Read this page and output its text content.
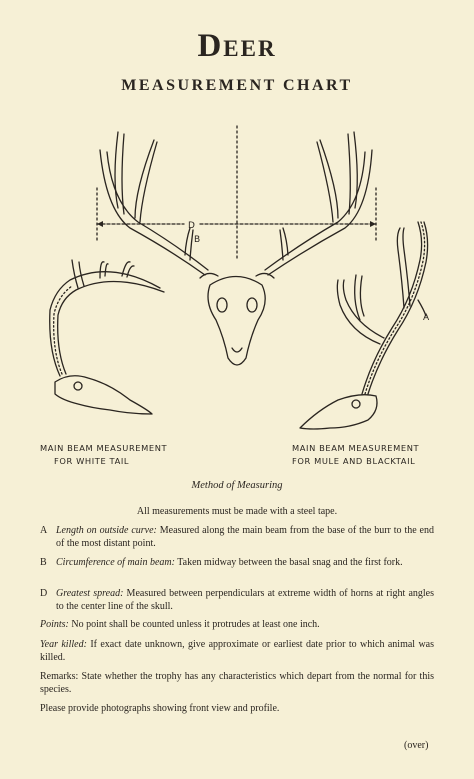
Deer
MEASUREMENT CHART
D
B
A
MAIN BEAM MEASUREMENT
FOR WHITE TAIL
MAIN BEAM MEASUREMENT
FOR MULE AND BLACKTAIL
Method of Measuring
All measurements must be made with a steel tape.
A Length on outside curve: Measured along the main beam from the base of the burr to the end of the most distant point.
B Circumference of main beam: Taken midway between the basal snag and the first fork.
D Greatest spread: Measured between perpendiculars at extreme width of horns at right angles to the center line of the skull.
Points: No point shall be counted unless it protrudes at least one inch.
Year killed: If exact date unknown, give approximate or earliest date prior to which animal was killed.
Remarks: State whether the trophy has any characteristics which depart from the normal for this species.
Please provide photographs showing front view and profile.
(over)
